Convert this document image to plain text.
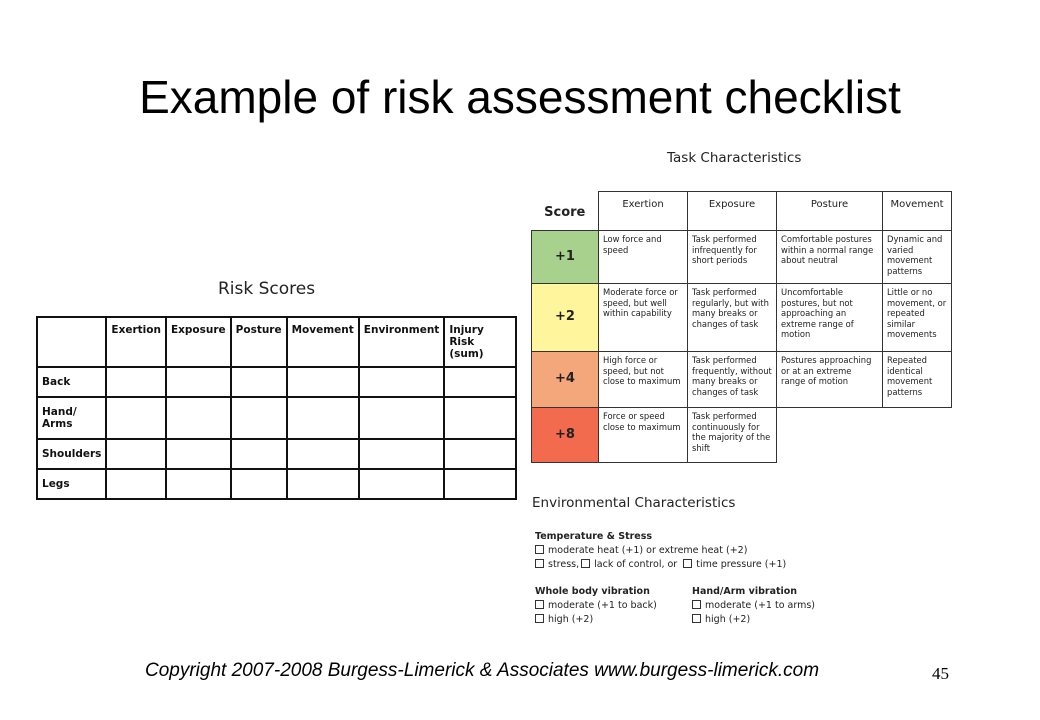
Example of risk assessment checklist
Risk Scores
	Exertion	Exposure	Posture	Movement	Environment	Injury Risk (sum)
Back						
Hand/ Arms						
Shoulders						
Legs						
Task Characteristics
Score	Exertion	Exposure	Posture	Movement
+1	Low force and speed	Task performed infrequently for short periods	Comfortable postures within a normal range about neutral	Dynamic and varied movement patterns
+2	Moderate force or speed, but well within capability	Task performed regularly, but with many breaks or changes of task	Uncomfortable postures, but not approaching an extreme range of motion	Little or no movement, or repeated similar movements
+4	High force or speed, but not close to maximum	Task performed frequently, without many breaks or changes of task	Postures approaching or at an extreme range of motion	Repeated identical movement patterns
+8	Force or speed close to maximum	Task performed continuously for the majority of the shift		
Environmental Characteristics
Temperature & Stress
moderate heat (+1) or extreme heat (+2)
stress, lack of control, or time pressure (+1)
Whole body vibration
moderate (+1 to back)
high (+2)
Hand/Arm vibration
moderate (+1 to arms)
high (+2)
Copyright 2007-2008 Burgess-Limerick & Associates www.burgess-limerick.com	45
